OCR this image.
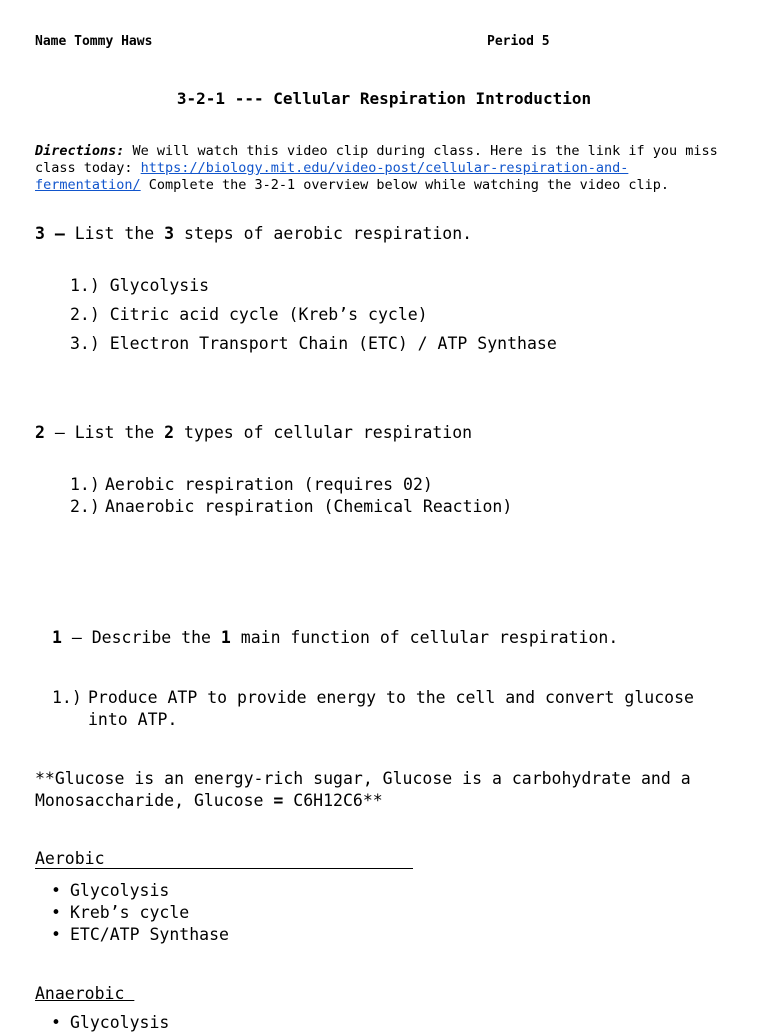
Name Tommy Haws	Period 5
3-2-1 --- Cellular Respiration Introduction
Directions: We will watch this video clip during class. Here is the link if you miss
class today: https://biology.mit.edu/video-post/cellular-respiration-and-
fermentation/ Complete the 3-2-1 overview below while watching the video clip.
3 – List the 3 steps of aerobic respiration.
1.) Glycolysis
2.) Citric acid cycle (Kreb’s cycle)
3.) Electron Transport Chain (ETC) / ATP Synthase
2 – List the 2 types of cellular respiration
1.) Aerobic respiration (requires 02)
2.) Anaerobic respiration (Chemical Reaction)
1 – Describe the 1 main function of cellular respiration.
1.) Produce ATP to provide energy to the cell and convert glucose
into ATP.
**Glucose is an energy-rich sugar, Glucose is a carbohydrate and a
Monosaccharide, Glucose = C6H12C6**
Aerobic
• Glycolysis
• Kreb’s cycle
• ETC/ATP Synthase
Anaerobic
• Glycolysis
